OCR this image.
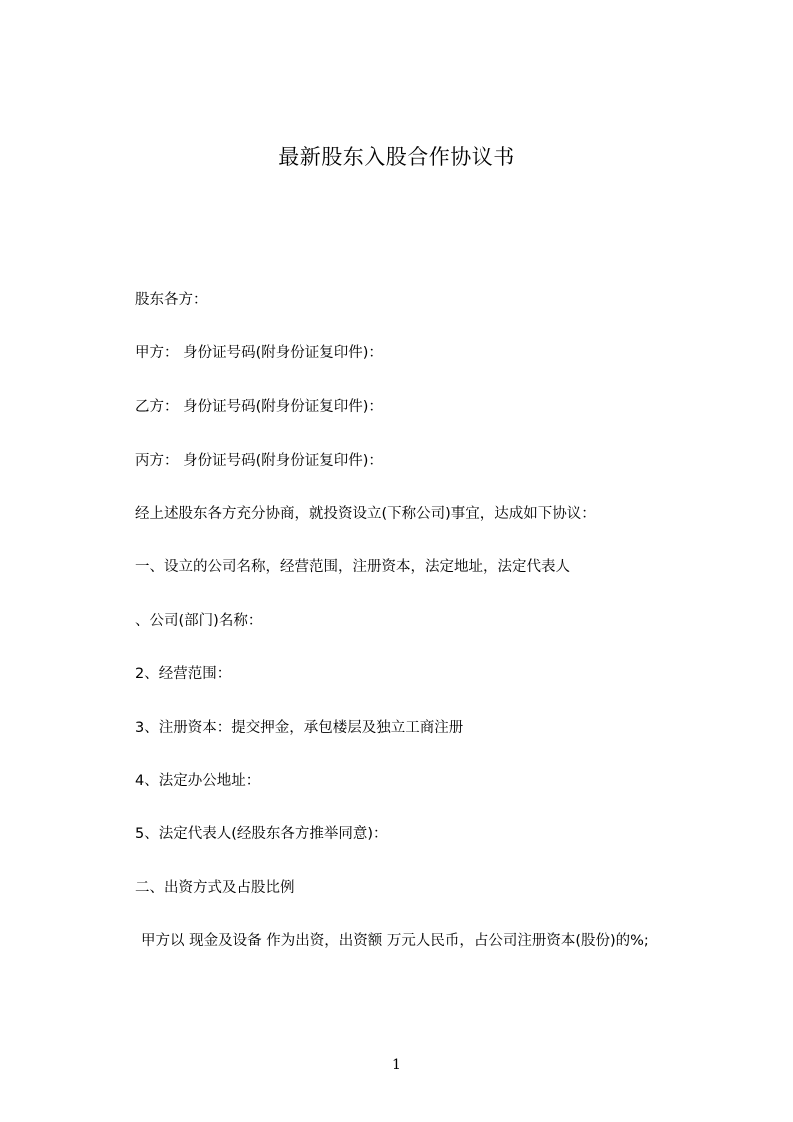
最新股东入股合作协议书
股东各方：
甲方： 身份证号码(附身份证复印件)：
乙方： 身份证号码(附身份证复印件)：
丙方： 身份证号码(附身份证复印件)：
经上述股东各方充分协商，就投资设立(下称公司)事宜，达成如下协议：
一、设立的公司名称，经营范围，注册资本，法定地址，法定代表人
、公司(部门)名称：
2、经营范围：
3、注册资本：提交押金，承包楼层及独立工商注册
4、法定办公地址：
5、法定代表人(经股东各方推举同意)：
二、出资方式及占股比例
甲方以 现金及设备 作为出资，出资额 万元人民币，占公司注册资本(股份)的%;
1
